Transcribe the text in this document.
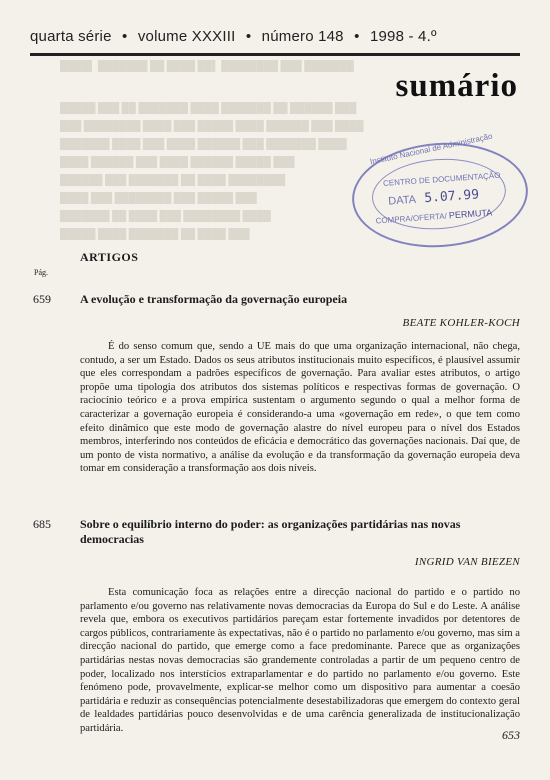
quarta série • volume XXXIII • número 148 • 1998 - 4.º
sumário
████▌ ███████ ██ ████ ██▌ ████████ ███ ███████
█████ ███ ██ ███████ ████ ███████ ██ ██████ ███
███ ████████ ████ ███ █████ ████ ██████ ███ ████
███████ ████ ███ ████ ██████ ███ ███████ ████
████ ██████ ███ ████ ██████ █████ ███
██████ ███ ███████ ██ ████ ████████
████ ███ ████████ ███ █████ ███
███████ ██ ████ ███ ████████ ████
█████ ████ ███████ ██ ████ ███
Instituto Nacional de Administração
CENTRO DE DOCUMENTAÇÃO
DATA 5.07.99
COMPRA/OFERTA/ PERMUTA
ARTIGOS
Pág.
659 A evolução e transformação da governação europeia
BEATE KOHLER-KOCH

É do senso comum que, sendo a UE mais do que uma organização internacional, não chega, contudo, a ser um Estado. Dados os seus atributos institucionais muito específicos, é plausível assumir que eles correspondam a padrões específicos de governação. Para avaliar estes atributos, o artigo propõe uma tipologia dos atributos dos sistemas políticos e respectivas formas de governação. O raciocínio teórico e a prova empírica sustentam o argumento segundo o qual a melhor forma de caracterizar a governação europeia é considerando-a uma «governação em rede», o que tem como efeito dinâmico que este modo de governação alastre do nível europeu para o nível dos Estados membros, interferindo nos conteúdos de eficácia e democrático das governações nacionais. Daí que, de um ponto de vista normativo, a análise da evolução e da transformação da governação europeia deva tomar em consideração a transformação aos dois níveis.

685 Sobre o equilíbrio interno do poder: as organizações partidárias nas novas democracias
INGRID VAN BIEZEN

Esta comunicação foca as relações entre a direcção nacional do partido e o partido no parlamento e/ou governo nas relativamente novas democracias da Europa do Sul e do Leste. A análise revela que, embora os executivos partidários pareçam estar fortemente invadidos por detentores de cargos públicos, contrariamente às expectativas, não é o partido no parlamento e/ou governo, mas sim a direcção nacional do partido, que emerge como a face predominante. Parece que as organizações partidárias nestas novas democracias são grandemente controladas a partir de um pequeno centro de poder, localizado nos interstícios extraparlamentar e do partido no parlamento e/ou governo. Este fenómeno pode, provavelmente, explicar-se melhor como um dispositivo para aumentar a coesão partidária e reduzir as consequências potencialmente desestabilizadoras que emergem do contexto geral de lealdades partidárias pouco desenvolvidas e de uma carência generalizada de institucionalização partidária.	653
